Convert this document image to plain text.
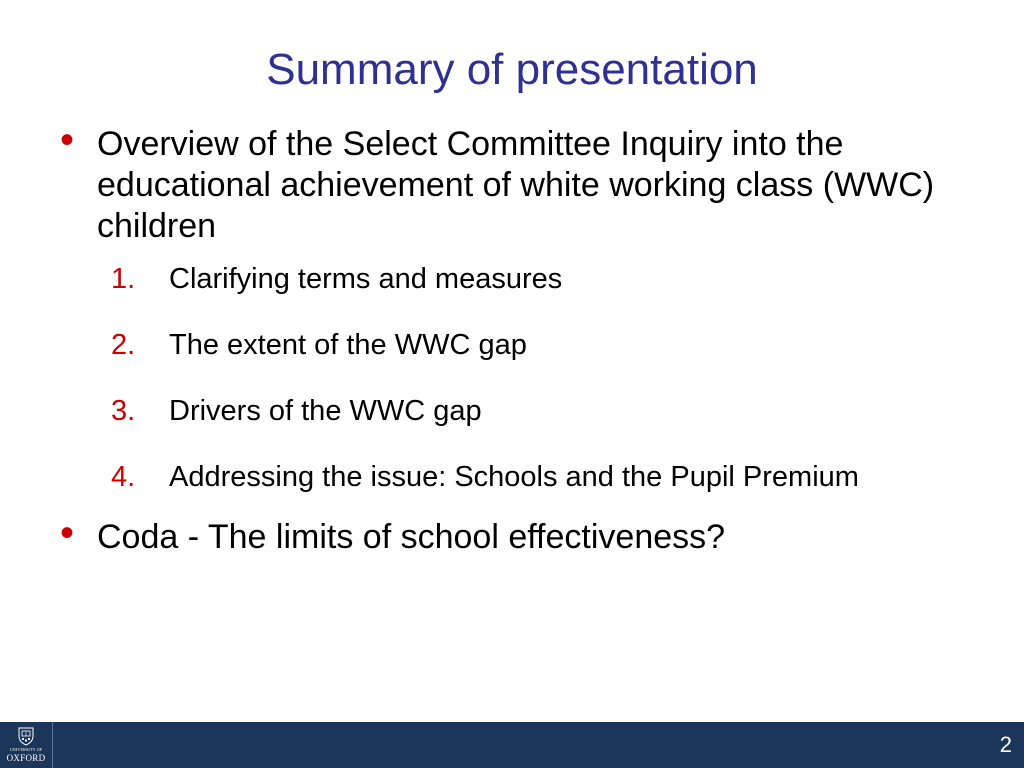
Summary of presentation
• Overview of the Select Committee Inquiry into the educational achievement of white working class (WWC) children
1. Clarifying terms and measures
2. The extent of the WWC gap
3. Drivers of the WWC gap
4. Addressing the issue: Schools and the Pupil Premium
• Coda - The limits of school effectiveness?
UNIVERSITY OF
OXFORD
2
